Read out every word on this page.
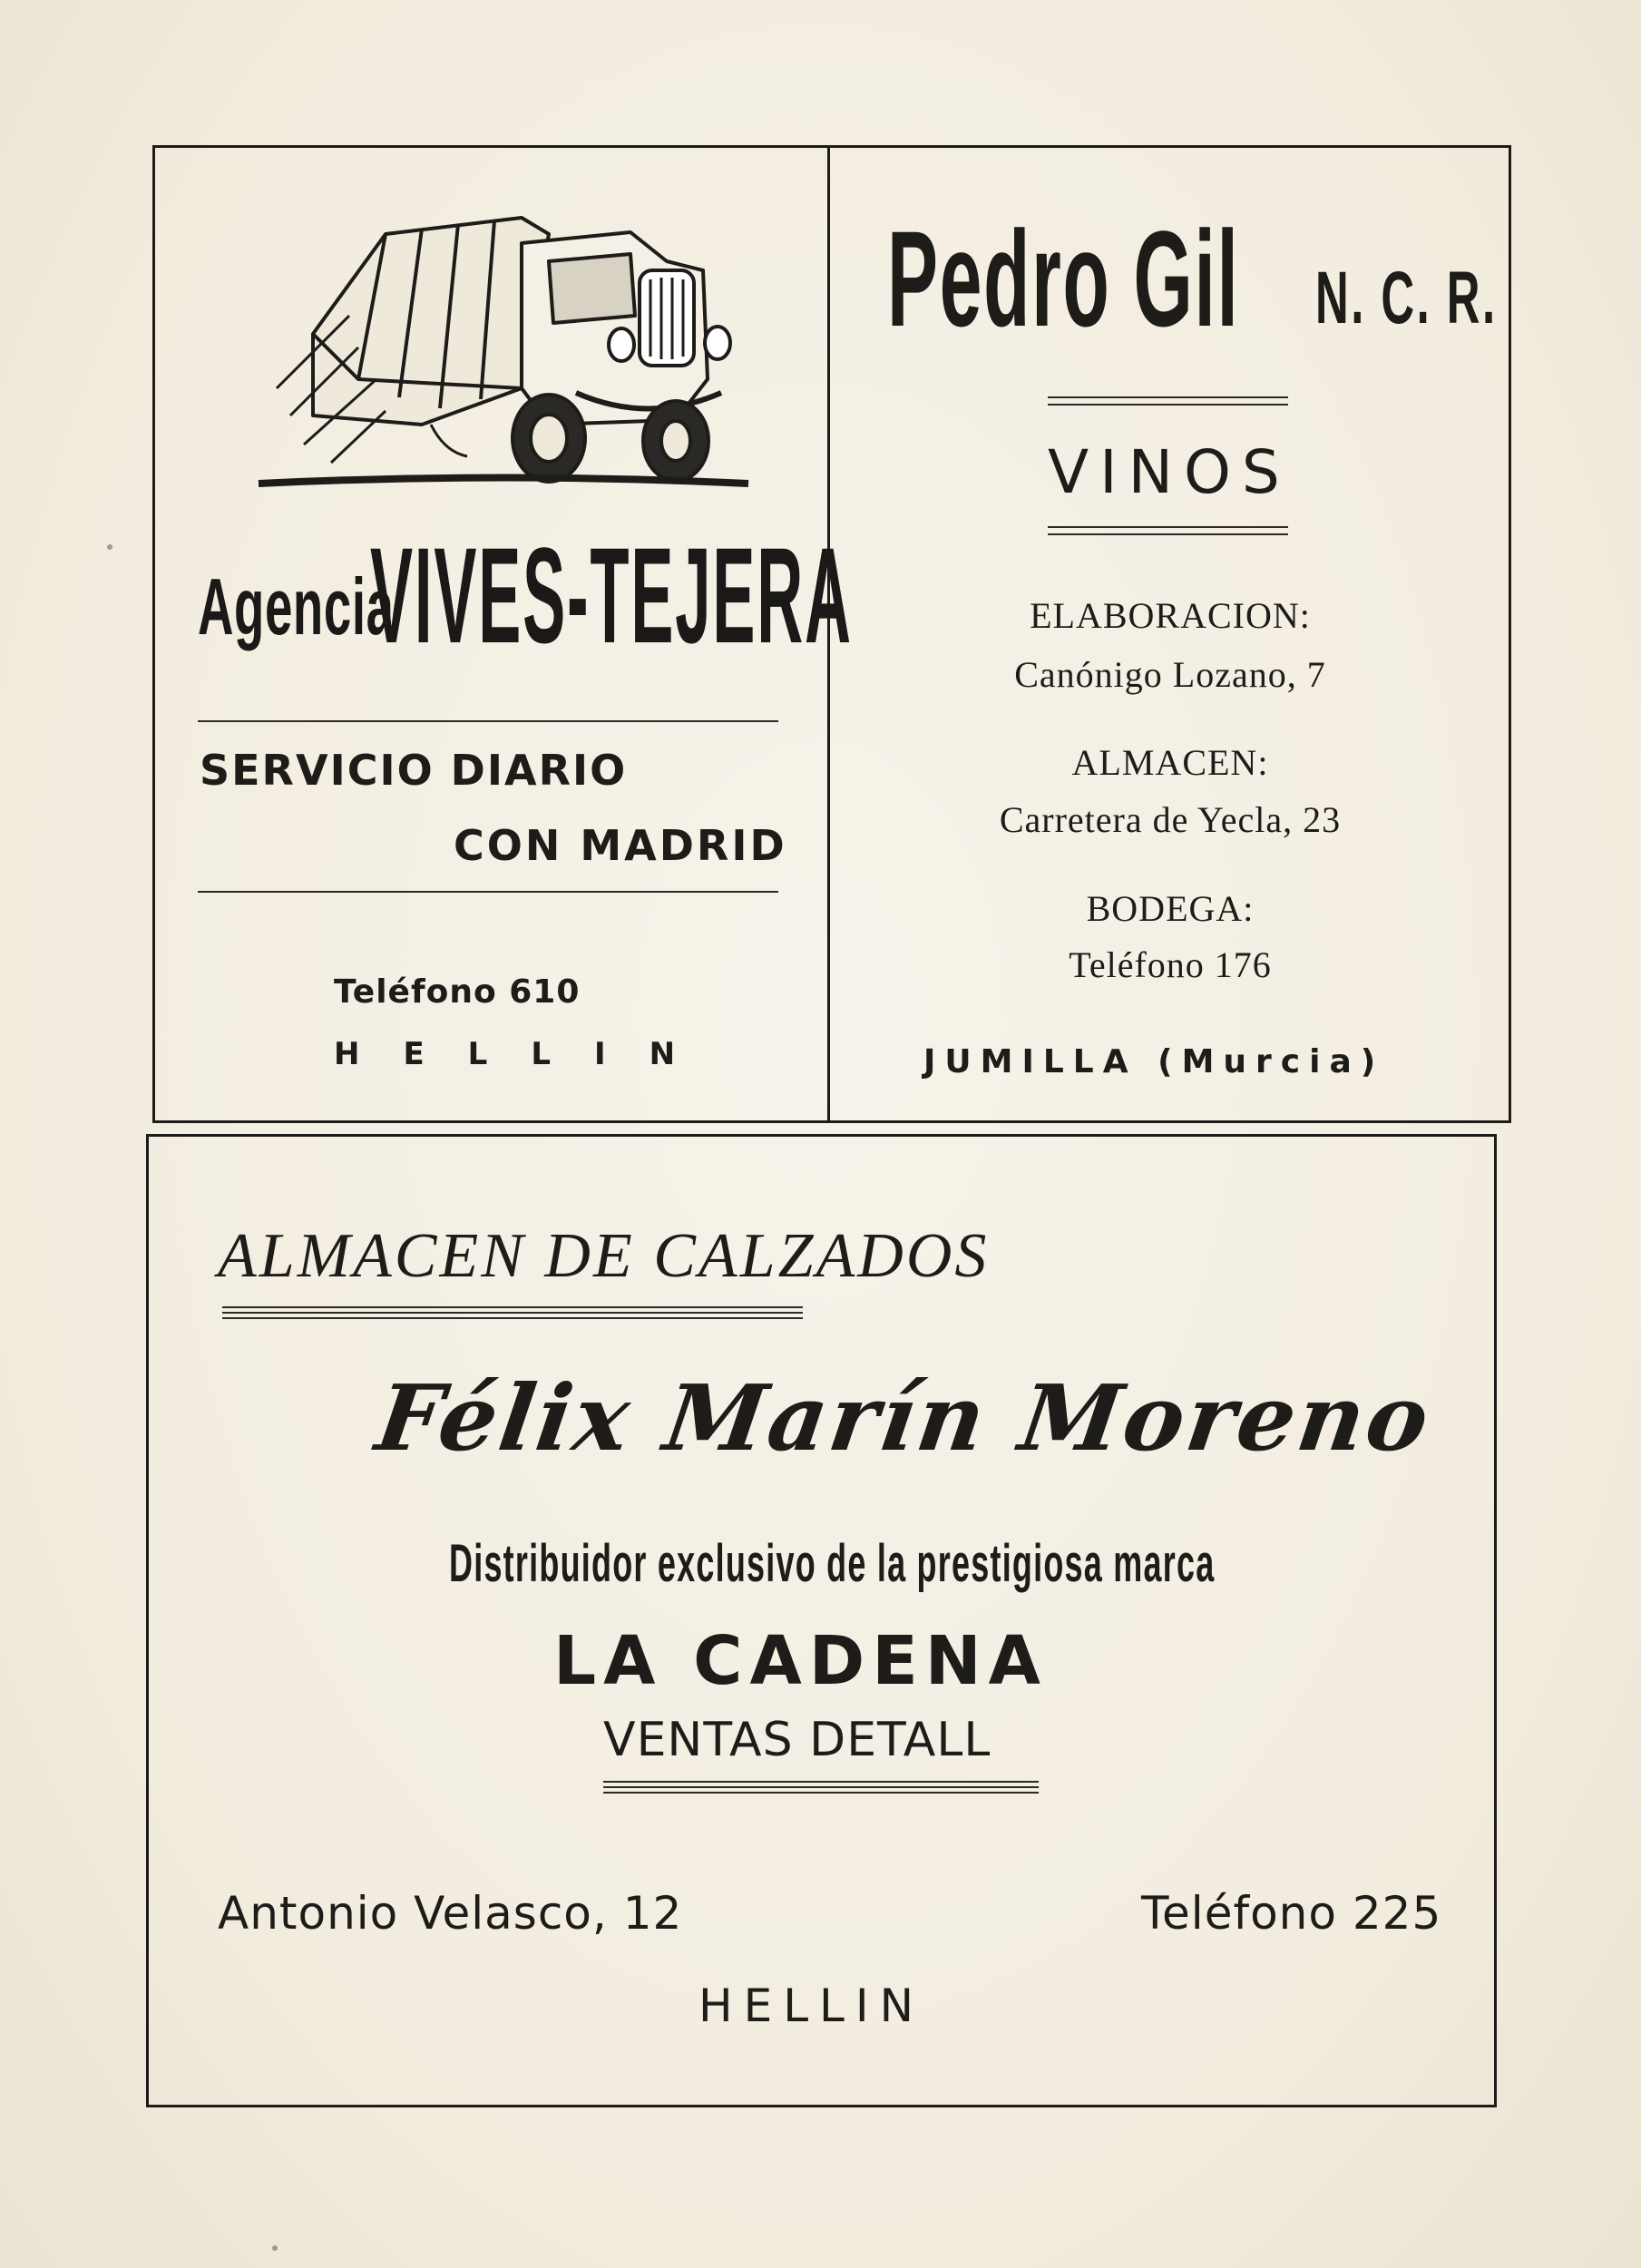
Agencia
VIVES-TEJERA

SERVICIO DIARIO

CON MADRID

Teléfono 610

HELLIN

Pedro Gil N. C. R.

VINOS

ELABORACION:

Canónigo Lozano, 7

ALMACEN:

Carretera de Yecla, 23

BODEGA:

Teléfono 176

JUMILLA (Murcia)

ALMACEN DE CALZADOS

Félix Marín Moreno

Distribuidor exclusivo de la prestigiosa marca

LA CADENA

VENTAS DETALL

Antonio Velasco, 12	Teléfono 225

HELLIN
